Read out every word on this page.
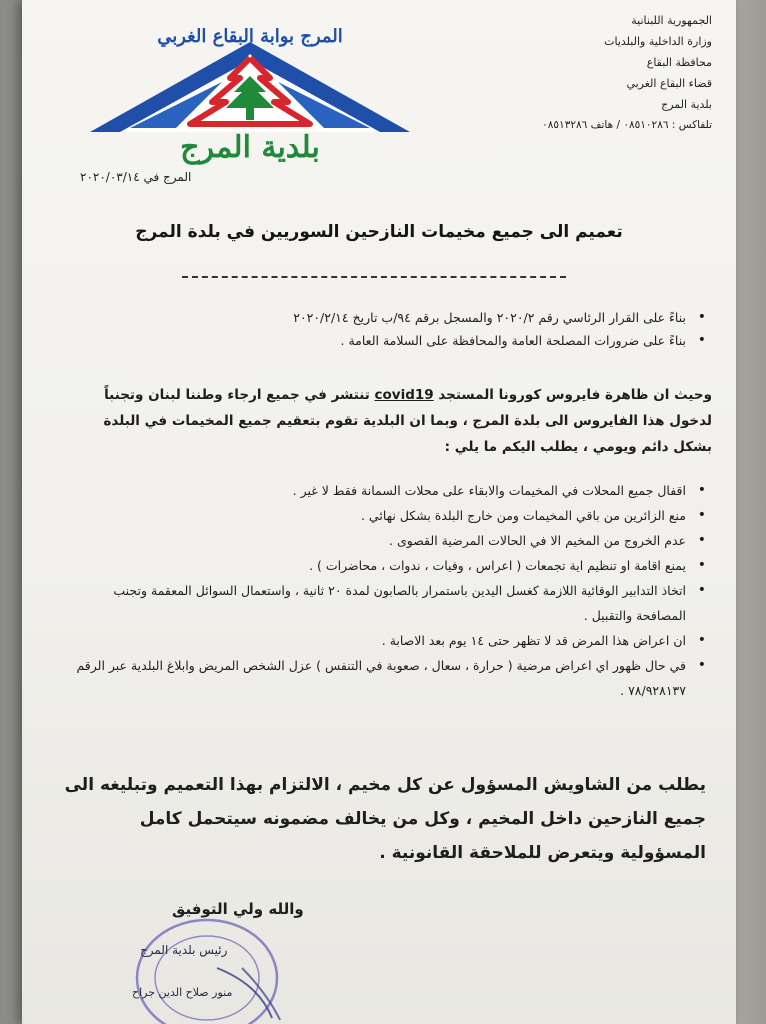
الجمهورية اللبنانية
وزارة الداخلية والبلديات
محافظة البقاع
قضاء البقاع الغربي
بلدية المرج
تلفاكس : ٠٨٥١٠٢٨٦ / هاتف ٠٨٥١٣٢٨٦
المرج بوابة البقاع الغربي
بلدية المرج
المرج في ٢٠٢٠/٠٣/١٤
تعميم الى جميع مخيمات النازحين السوريين في بلدة المرج
• بناءً على القرار الرئاسي رقم ٢٠٢٠/٢ والمسجل برقم ٩٤/ب تاريخ ٢٠٢٠/٢/١٤
• بناءً على ضرورات المصلحة العامة والمحافظة على السلامة العامة .
وحيث ان ظاهرة فايروس كورونا المستجد covid19 تنتشر في جميع ارجاء وطننا لبنان وتجنباً لدخول هذا الفايروس الى بلدة المرج ، وبما ان البلدية تقوم بتعقيم جميع المخيمات في البلدة بشكل دائم ويومي ، يطلب اليكم ما يلي :
• اقفال جميع المحلات في المخيمات والابقاء على محلات السمانة فقط لا غير .
• منع الزائرين من باقي المخيمات ومن خارج البلدة بشكل نهائي .
• عدم الخروج من المخيم الا في الحالات المرضية القصوى .
• يمنع اقامة او تنظيم اية تجمعات ( اعراس ، وفيات ، ندوات ، محاضرات ) .
• اتخاذ التدابير الوقائية اللازمة كغسل اليدين باستمرار بالصابون لمدة ٢٠ ثانية ، واستعمال السوائل المعقمة وتجنب المصافحة والتقبيل .
• ان اعراض هذا المرض قد لا تظهر حتى ١٤ يوم بعد الاصابة .
• في حال ظهور اي اعراض مرضية ( حرارة ، سعال ، صعوبة في التنفس ) عزل الشخص المريض وابلاغ البلدية عبر الرقم ٧٨/٩٢٨١٣٧ .
يطلب من الشاويش المسؤول عن كل مخيم ، الالتزام بهذا التعميم وتبليغه الى جميع النازحين داخل المخيم ، وكل من يخالف مضمونه سيتحمل كامل المسؤولية ويتعرض للملاحقة القانونية .
والله ولي التوفيق
رئيس بلدية المرج
منور صلاح الدين جراح
